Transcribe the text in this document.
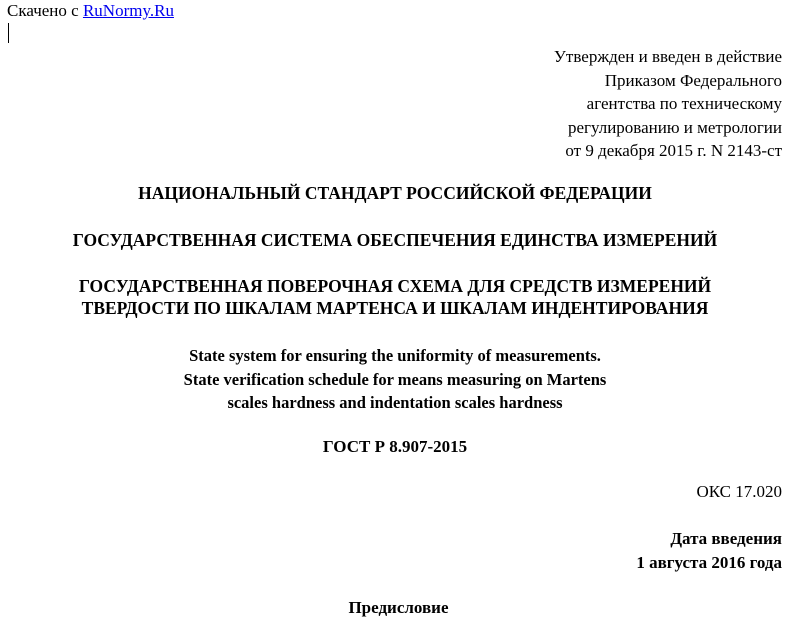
Скачено с RuNormy.Ru
Утвержден и введен в действие
Приказом Федерального
агентства по техническому
регулированию и метрологии
от 9 декабря 2015 г. N 2143-ст
НАЦИОНАЛЬНЫЙ СТАНДАРТ РОССИЙСКОЙ ФЕДЕРАЦИИ
ГОСУДАРСТВЕННАЯ СИСТЕМА ОБЕСПЕЧЕНИЯ ЕДИНСТВА ИЗМЕРЕНИЙ
ГОСУДАРСТВЕННАЯ ПОВЕРОЧНАЯ СХЕМА ДЛЯ СРЕДСТВ ИЗМЕРЕНИЙ
ТВЕРДОСТИ ПО ШКАЛАМ МАРТЕНСА И ШКАЛАМ ИНДЕНТИРОВАНИЯ
State system for ensuring the uniformity of measurements.
State verification schedule for means measuring on Martens
scales hardness and indentation scales hardness
ГОСТ Р 8.907-2015
ОКС 17.020
Дата введения
1 августа 2016 года
Предисловие
